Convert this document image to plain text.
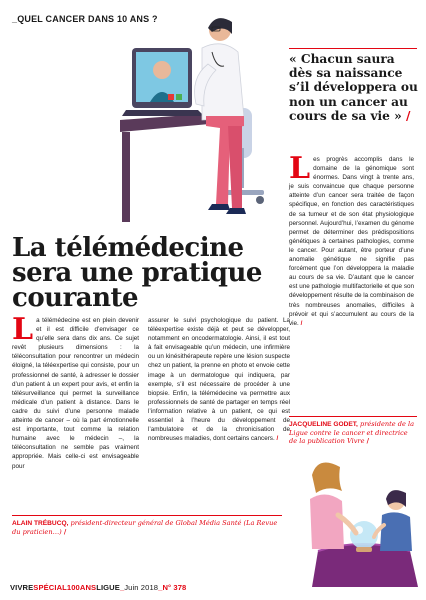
_QUEL CANCER DANS 10 ANS ?
La télémédecine
sera une pratique
courante

La télémédecine est en plein devenir et il est difficile d’envisager ce qu’elle sera dans dix ans. Ce sujet revêt plusieurs dimensions : la téléconsultation pour rencontrer un médecin éloigné, la téléexpertise qui consiste, pour un professionnel de santé, à adresser le dossier d’un patient à un expert pour avis, et enfin la télésurveillance qui permet la surveillance médicale d’un patient à distance. Dans le cadre du suivi d’une personne malade atteinte de cancer – où la part émotionnelle est importante, tout comme la relation humaine avec le médecin –, la téléconsultation ne semble pas vraiment appropriée. Mais celle-ci est envisageable pour

assurer le suivi psychologique du patient. La téléexpertise existe déjà et peut se développer, notamment en oncodermatologie. Ainsi, il est tout à fait envisageable qu’un médecin, une infirmière ou un kinésithérapeute repère une lésion suspecte chez un patient, la prenne en photo et envoie cette image à un dermatologue qui indiquera, par exemple, s’il est nécessaire de procéder à une biopsie. Enfin, la télémédecine va permettre aux professionnels de santé de partager en temps réel l’information relative à un patient, ce qui est essentiel à l’heure du développement de l’ambulatoire et de la chronicisation de nombreuses maladies, dont certains cancers. /

ALAIN TRÉBUCQ, président-directeur général de Global Média Santé (La Revue du praticien…) /

« Chacun saura dès sa naissance s’il développera ou non un cancer au cours de sa vie » /

Les progrès accomplis dans le domaine de la génomique sont énormes. Dans vingt à trente ans, je suis convaincue que chaque personne atteinte d’un cancer sera traitée de façon spécifique, en fonction des caractéristiques de sa tumeur et de son état physiologique personnel. Aujourd’hui, l’examen du génome permet de déterminer des prédispositions génétiques à certaines pathologies, comme le cancer. Pour autant, être porteur d’une anomalie génétique ne signifie pas forcément que l’on développera la maladie au cours de sa vie. D’autant que le cancer est une pathologie multifactorielle et que son développement résulte de la combinaison de très nombreuses anomalies, difficiles à prévoir et qui s’accumulent au cours de la vie. /

JACQUELINE GODET, présidente de la Ligue contre le cancer et directrice de la publication Vivre /
VIVRESPÉCIAL100ANSLIGUE_Juin 2018_N° 378
